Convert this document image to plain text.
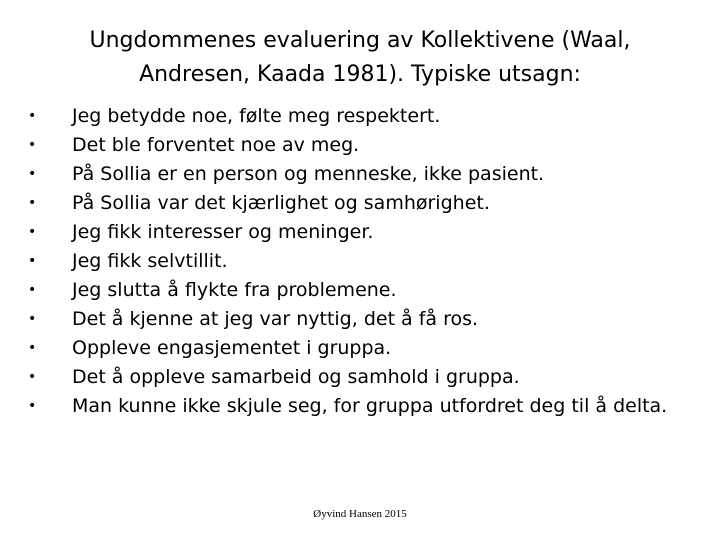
Ungdommenes evaluering av Kollektivene (Waal,
Andresen, Kaada 1981). Typiske utsagn:
•	Jeg betydde noe, følte meg respektert.
•	Det ble forventet noe av meg.
•	På Sollia er en person og menneske, ikke pasient.
•	På Sollia var det kjærlighet og samhørighet.
•	Jeg fikk interesser og meninger.
•	Jeg fikk selvtillit.
•	Jeg slutta å flykte fra problemene.
•	Det å kjenne at jeg var nyttig, det å få ros.
•	Oppleve engasjementet i gruppa.
•	Det å oppleve samarbeid og samhold i gruppa.
•	Man kunne ikke skjule seg, for gruppa utfordret deg til å delta.
Øyvind Hansen 2015
